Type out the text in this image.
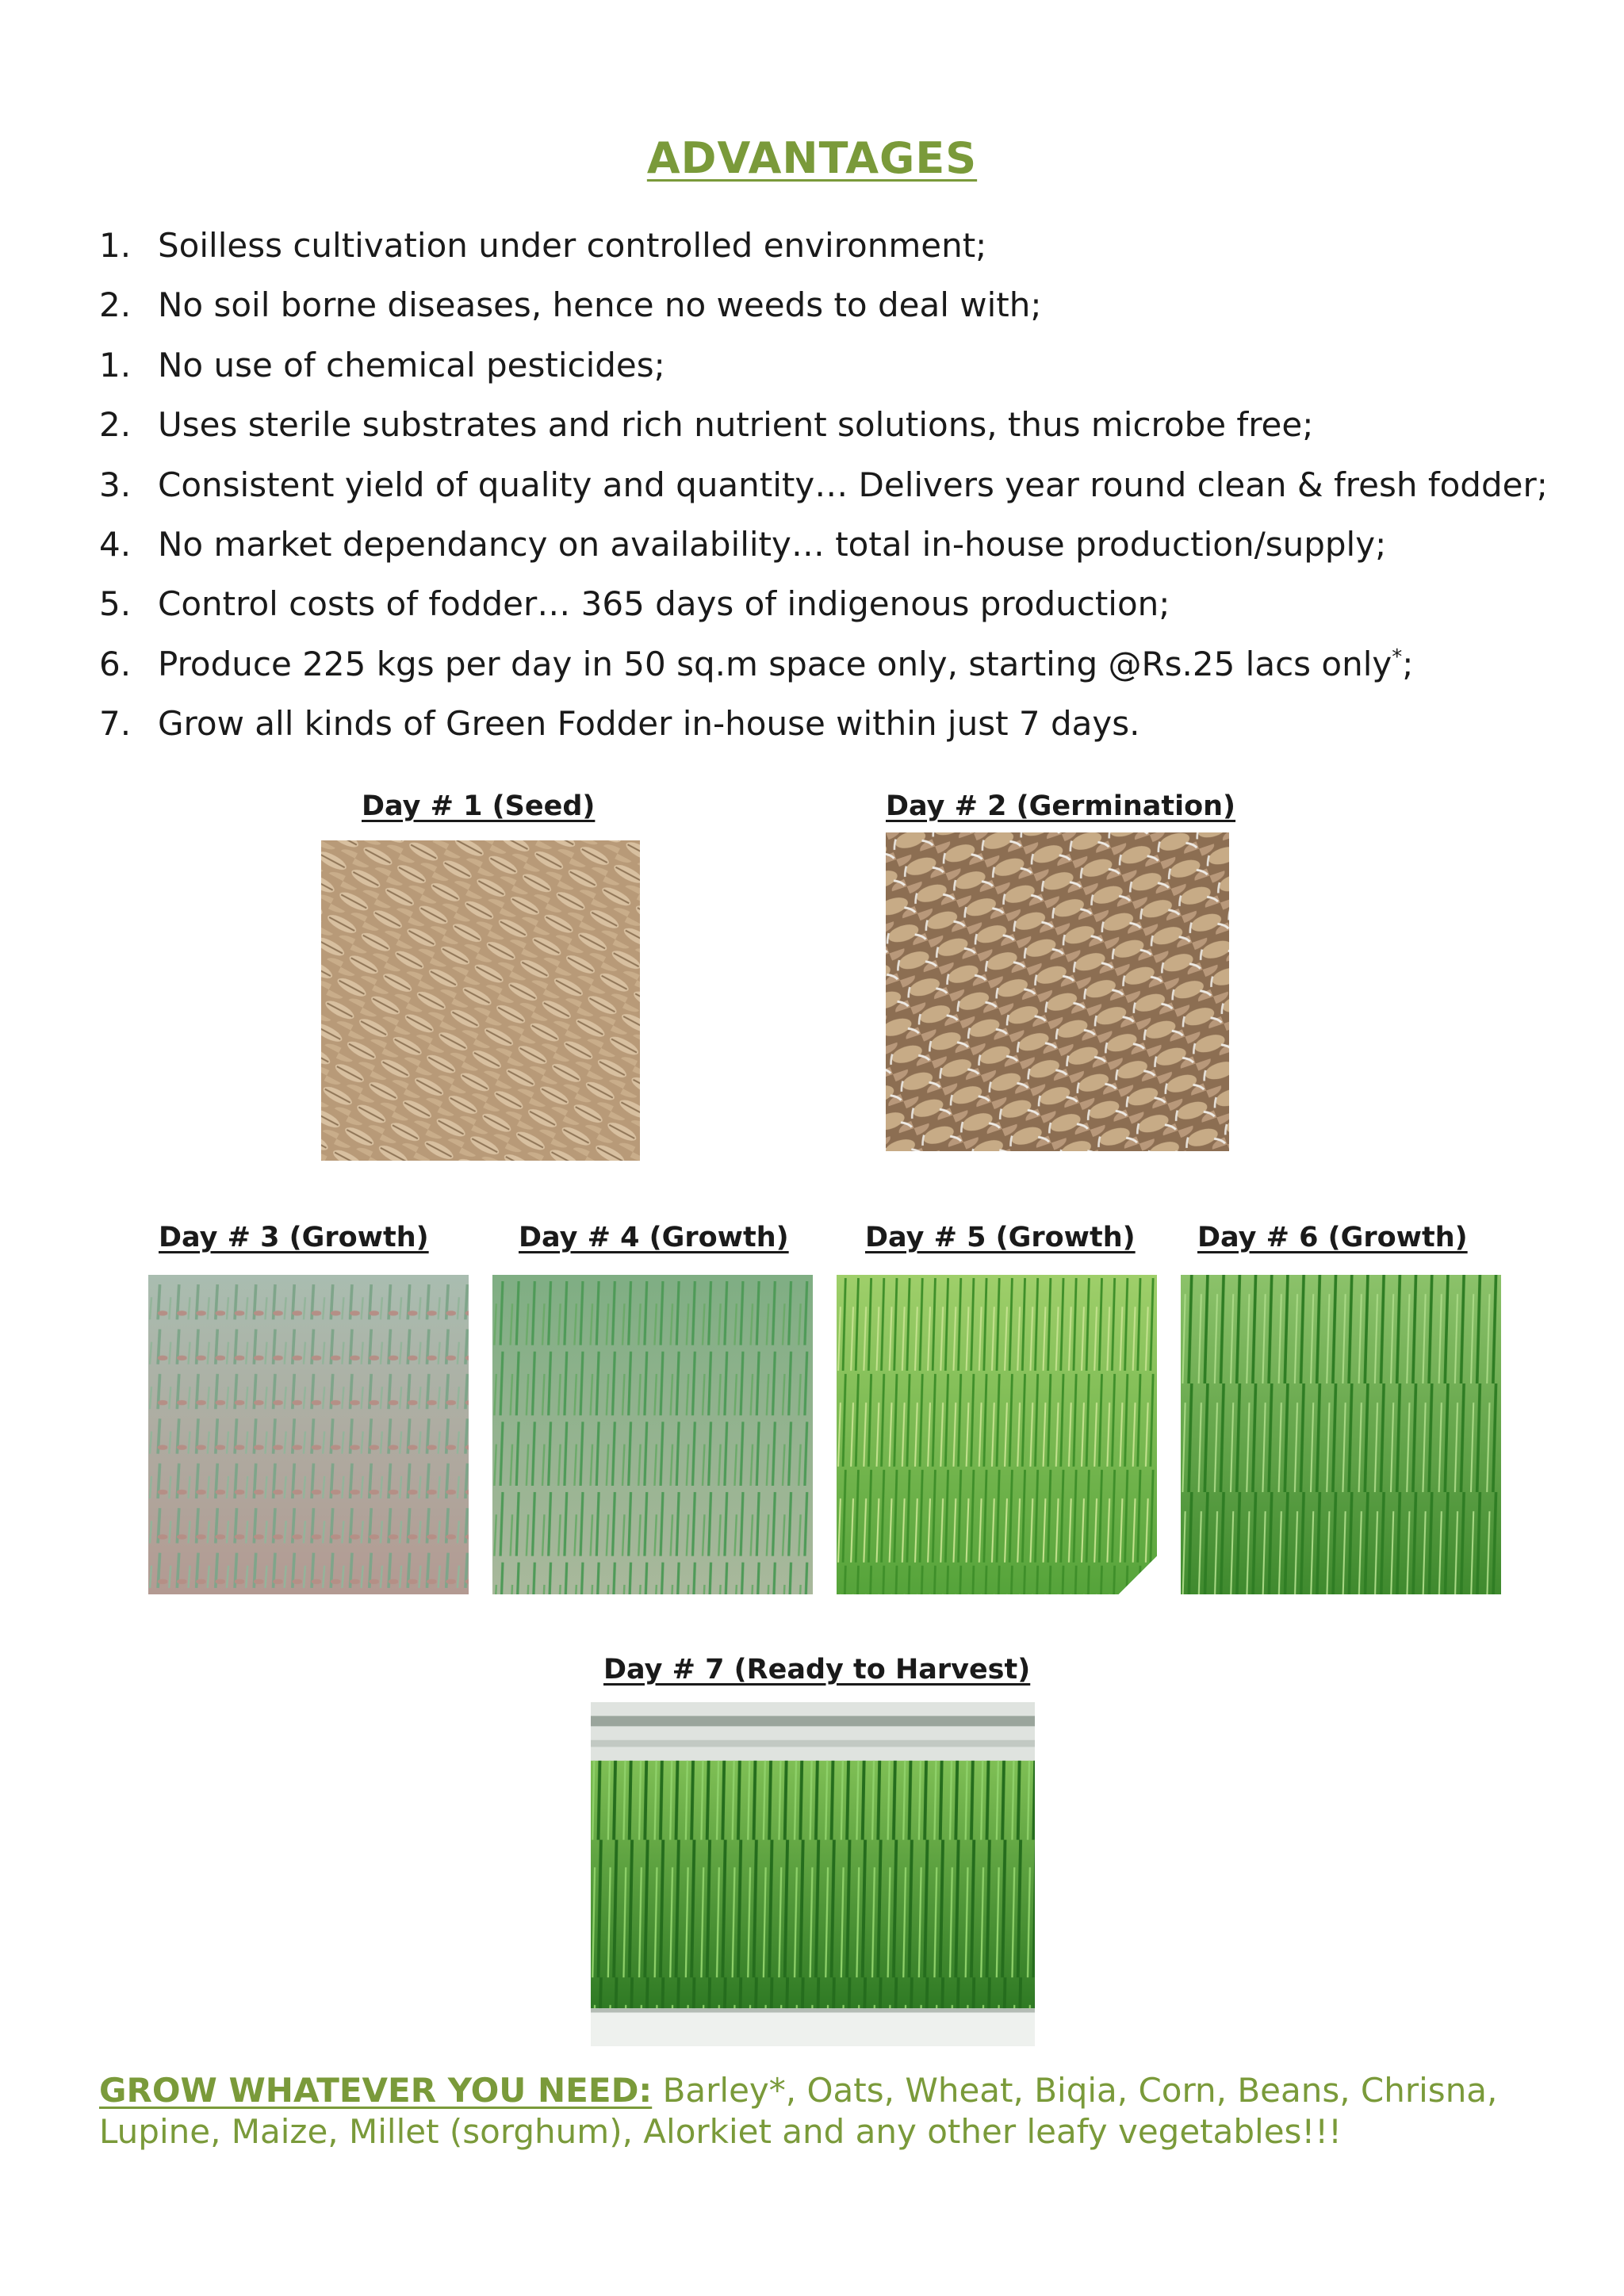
ADVANTAGES
1. Soilless cultivation under controlled environment;
2. No soil borne diseases, hence no weeds to deal with;
1. No use of chemical pesticides;
2. Uses sterile substrates and rich nutrient solutions, thus microbe free;
3. Consistent yield of quality and quantity… Delivers year round clean & fresh fodder;
4. No market dependancy on availability… total in-house production/supply;
5. Control costs of fodder… 365 days of indigenous production;
6. Produce 225 kgs per day in 50 sq.m space only, starting @Rs.25 lacs only*;
7. Grow all kinds of Green Fodder in-house within just 7 days.
Day # 1 (Seed)	Day # 2 (Germination)
Day # 3 (Growth)	Day # 4 (Growth)	Day # 5 (Growth) Day # 6 (Growth)
Day # 7 (Ready to Harvest)
GROW WHATEVER YOU NEED: Barley*, Oats, Wheat, Biqia, Corn, Beans, Chrisna, Lupine, Maize, Millet (sorghum), Alorkiet and any other leafy vegetables!!!
